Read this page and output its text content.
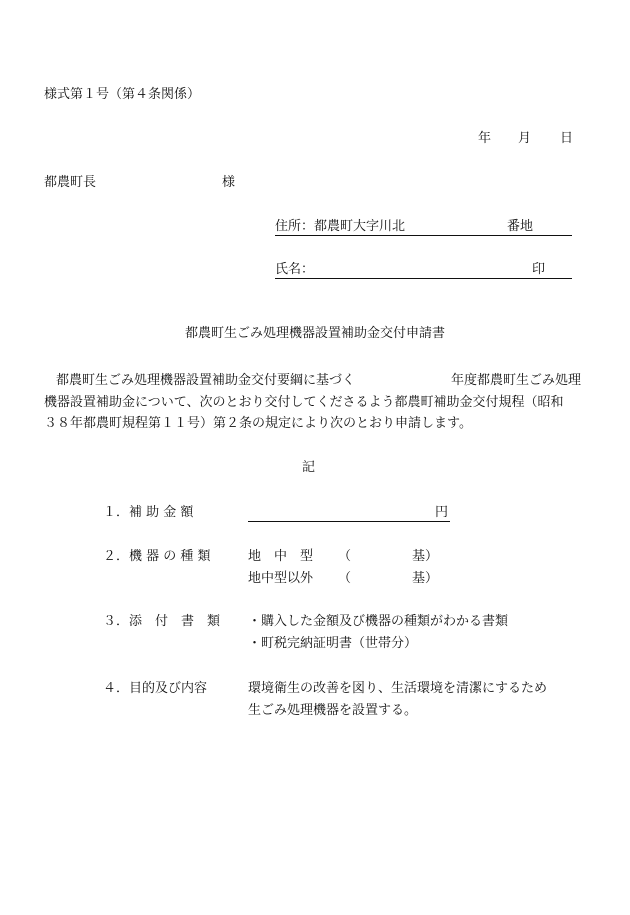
様式第１号（第４条関係）
年 月 日
都農町長	様
住所：都農町大字川北	番地
氏名：	印
都農町生ごみ処理機器設置補助金交付申請書
都農町生ごみ処理機器設置補助金交付要綱に基づく	年度都農町生ごみ処理
機器設置補助金について、次のとおり交付してくださるよう都農町補助金交付規程（昭和
３８年都農町規程第１１号）第２条の規定により次のとおり申請します。
記
１．補 助 金 額	円
２．機 器 の 種 類	地　中　型 （	基）
地中型以外 （	基）
３．添　付　書　類 ・購入した金額及び機器の種類がわかる書類
・町税完納証明書（世帯分）
４．目的及び内容	環境衛生の改善を図り、生活環境を清潔にするため
生ごみ処理機器を設置する。
